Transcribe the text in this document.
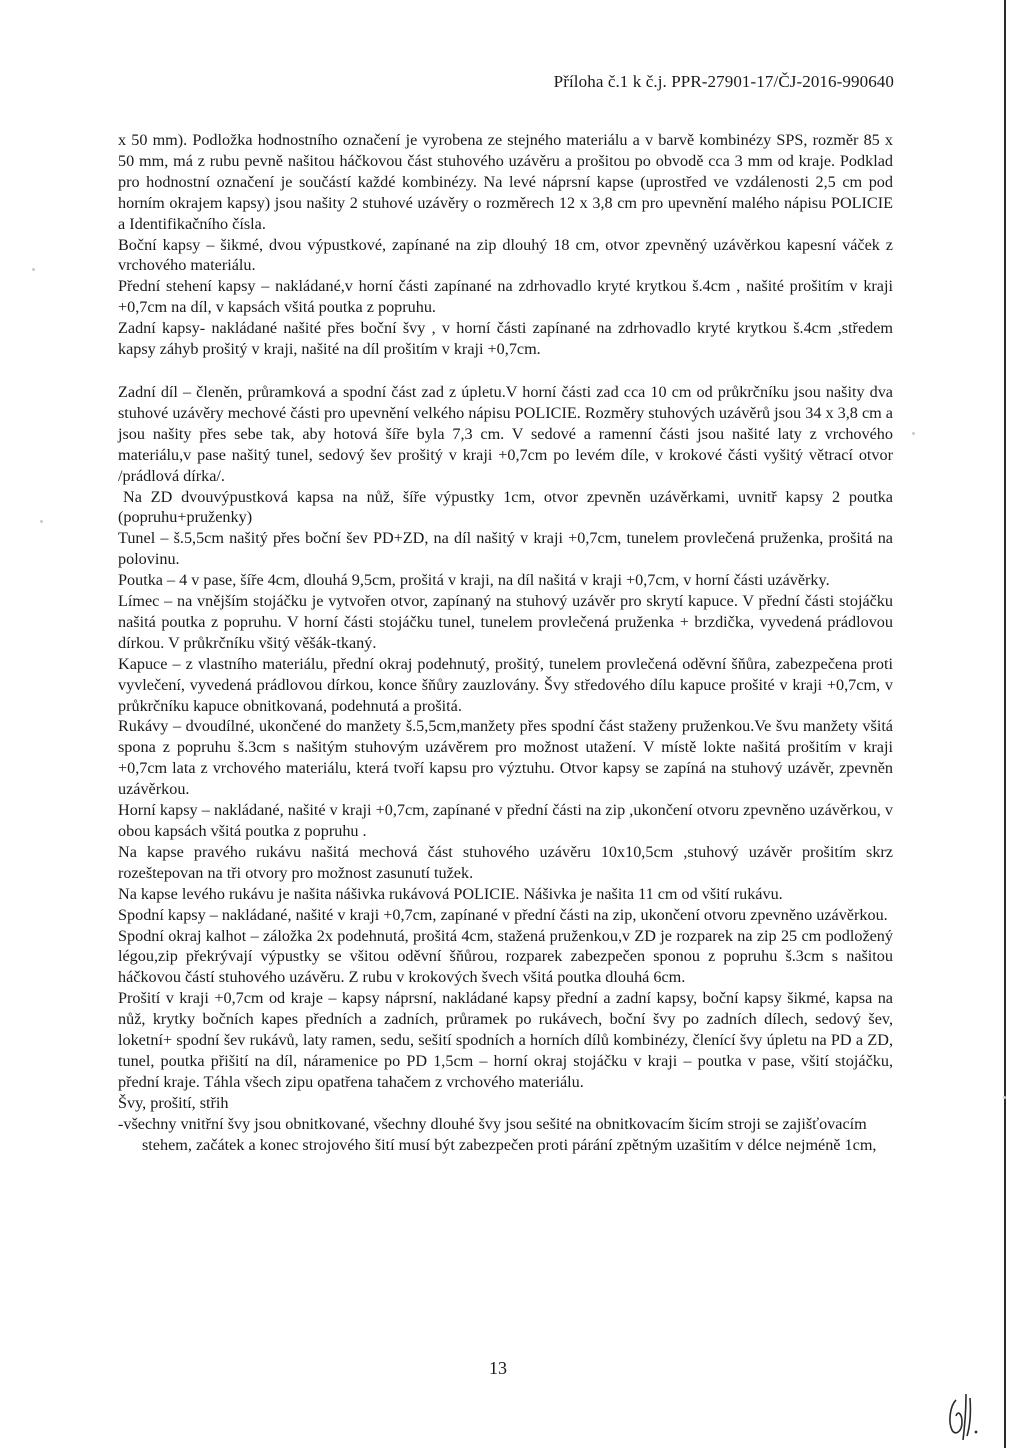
Příloha č.1 k č.j. PPR-27901-17/ČJ-2016-990640

x 50 mm). Podložka hodnostního označení je vyrobena ze stejného materiálu a v barvě kombinézy SPS, rozměr 85 x 50 mm, má z rubu pevně našitou háčkovou část stuhového uzávěru a prošitou po obvodě cca 3 mm od kraje. Podklad pro hodnostní označení je součástí každé kombinézy. Na levé náprsní kapse (uprostřed ve vzdálenosti 2,5 cm pod horním okrajem kapsy) jsou našity 2 stuhové uzávěry o rozměrech 12 x 3,8 cm pro upevnění malého nápisu POLICIE a Identifikačního čísla.

Boční kapsy – šikmé, dvou výpustkové, zapínané na zip dlouhý 18 cm, otvor zpevněný uzávěrkou kapesní váček z vrchového materiálu.

Přední stehení kapsy – nakládané,v horní části zapínané na zdrhovadlo kryté krytkou š.4cm , našité prošitím v kraji +0,7cm na díl, v kapsách všitá poutka z popruhu.

Zadní kapsy- nakládané našité přes boční švy , v horní části zapínané na zdrhovadlo kryté krytkou š.4cm ,středem kapsy záhyb prošitý v kraji, našité na díl prošitím v kraji +0,7cm.

Zadní díl – členěn, průramková a spodní část zad z úpletu.V horní části zad cca 10 cm od průkrčníku jsou našity dva stuhové uzávěry mechové části pro upevnění velkého nápisu POLICIE. Rozměry stuhových uzávěrů jsou 34 x 3,8 cm a jsou našity přes sebe tak, aby hotová šíře byla 7,3 cm. V sedové a ramenní části jsou našité laty z vrchového materiálu,v pase našitý tunel, sedový šev prošitý v kraji +0,7cm po levém díle, v krokové části vyšitý větrací otvor /prádlová dírka/.

Na ZD dvouvýpustková kapsa na nůž, šíře výpustky 1cm, otvor zpevněn uzávěrkami, uvnitř kapsy 2 poutka (popruhu+pruženky)

Tunel – š.5,5cm našitý přes boční šev PD+ZD, na díl našitý v kraji +0,7cm, tunelem provlečená pruženka, prošitá na polovinu.

Poutka – 4 v pase, šíře 4cm, dlouhá 9,5cm, prošitá v kraji, na díl našitá v kraji +0,7cm, v horní části uzávěrky.

Límec – na vnějším stojáčku je vytvořen otvor, zapínaný na stuhový uzávěr pro skrytí kapuce. V přední části stojáčku našitá poutka z popruhu. V horní části stojáčku tunel, tunelem provlečená pruženka + brzdička, vyvedená prádlovou dírkou. V průkrčníku všitý věšák-tkaný.

Kapuce – z vlastního materiálu, přední okraj podehnutý, prošitý, tunelem provlečená oděvní šňůra, zabezpečena proti vyvlečení, vyvedená prádlovou dírkou, konce šňůry zauzlovány. Švy středového dílu kapuce prošité v kraji +0,7cm, v průkrčníku kapuce obnitkovaná, podehnutá a prošitá.

Rukávy – dvoudílné, ukončené do manžety š.5,5cm,manžety přes spodní část staženy pruženkou.Ve švu manžety všitá spona z popruhu š.3cm s našitým stuhovým uzávěrem pro možnost utažení. V místě lokte našitá prošitím v kraji +0,7cm lata z vrchového materiálu, která tvoří kapsu pro výztuhu. Otvor kapsy se zapíná na stuhový uzávěr, zpevněn uzávěrkou.

Horní kapsy – nakládané, našité v kraji +0,7cm, zapínané v přední části na zip ,ukončení otvoru zpevněno uzávěrkou, v obou kapsách všitá poutka z popruhu .

Na kapse pravého rukávu našitá mechová část stuhového uzávěru 10x10,5cm ,stuhový uzávěr prošitím skrz rozeštepovan na tři otvory pro možnost zasunutí tužek.

Na kapse levého rukávu je našita nášivka rukávová POLICIE. Nášivka je našita 11 cm od všití rukávu.

Spodní kapsy – nakládané, našité v kraji +0,7cm, zapínané v přední části na zip, ukončení otvoru zpevněno uzávěrkou.

Spodní okraj kalhot – záložka 2x podehnutá, prošitá 4cm, stažená pruženkou,v ZD je rozparek na zip 25 cm podložený légou,zip překrývají výpustky se všitou oděvní šňůrou, rozparek zabezpečen sponou z popruhu š.3cm s našitou háčkovou částí stuhového uzávěru. Z rubu v krokových švech všitá poutka dlouhá 6cm.

Prošití v kraji +0,7cm od kraje – kapsy náprsní, nakládané kapsy přední a zadní kapsy, boční kapsy šikmé, kapsa na nůž, krytky bočních kapes předních a zadních, průramek po rukávech, boční švy po zadních dílech, sedový šev, loketní+ spodní šev rukávů, laty ramen, sedu, sešití spodních a horních dílů kombinézy, členící švy úpletu na PD a ZD, tunel, poutka přišití na díl, náramenice po PD 1,5cm – horní okraj stojáčku v kraji – poutka v pase, všití stojáčku, přední kraje. Táhla všech zipu opatřena tahačem z vrchového materiálu.

Švy, prošití, střih

-všechny vnitřní švy jsou obnitkované, všechny dlouhé švy jsou sešité na obnitkovacím šicím stroji se zajišťovacím stehem, začátek a konec strojového šití musí být zabezpečen proti párání zpětným uzašitím v délce nejméně 1cm,

13
